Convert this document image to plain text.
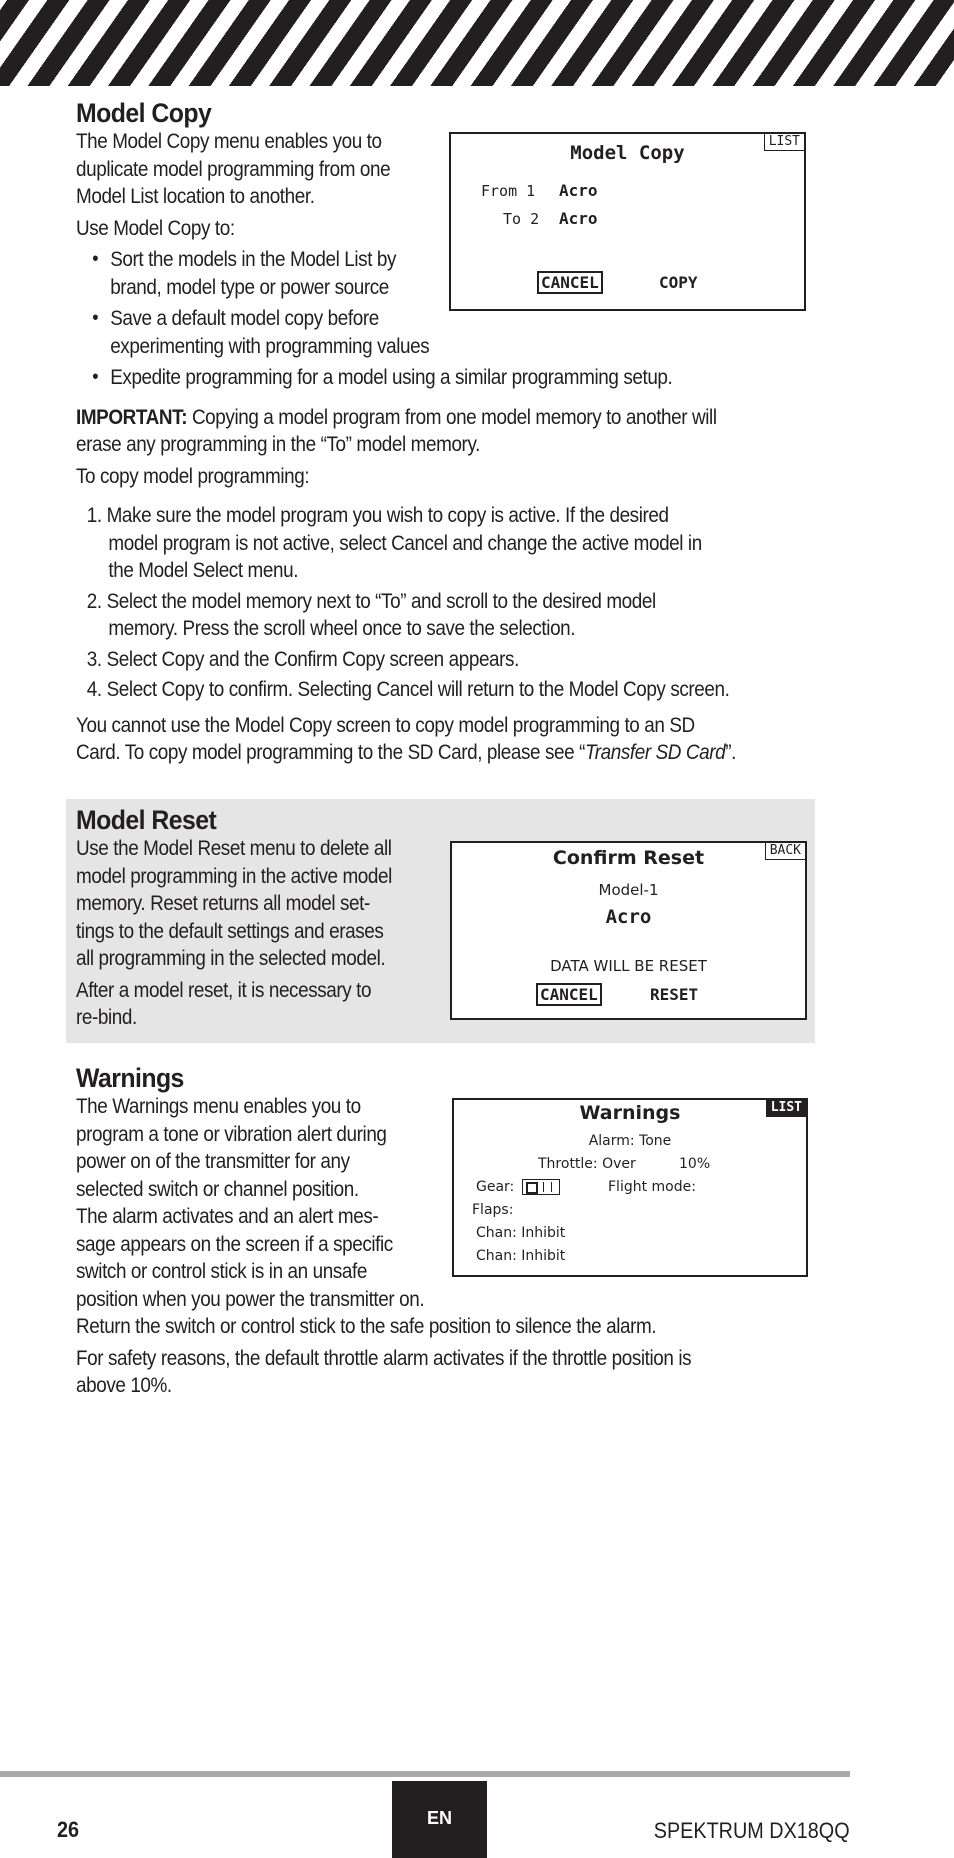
Model Copy
The Model Copy menu enables you to
duplicate model programming from one
Model List location to another.
Use Model Copy to:
• Sort the models in the Model List by
brand, model type or power source
• Save a default model copy before
experimenting with programming values
• Expedite programming for a model using a similar programming setup.
IMPORTANT: Copying a model program from one model memory to another will
erase any programming in the “To” model memory.
To copy model programming:
1. Make sure the model program you wish to copy is active. If the desired
model program is not active, select Cancel and change the active model in
the Model Select menu.
2. Select the model memory next to “To” and scroll to the desired model
memory. Press the scroll wheel once to save the selection.
3. Select Copy and the Confirm Copy screen appears.
4. Select Copy to confirm. Selecting Cancel will return to the Model Copy screen.
You cannot use the Model Copy screen to copy model programming to an SD
Card. To copy model programming to the SD Card, please see “Transfer SD Card”.
LIST
Model Copy
From 1 Acro
To 2 Acro
CANCEL	COPY
Model Reset
Use the Model Reset menu to delete all
model programming in the active model
memory. Reset returns all model set-
tings to the default settings and erases
all programming in the selected model.
After a model reset, it is necessary to
re-bind.
BACK
Confirm Reset
Model-1
Acro
DATA WILL BE RESET
CANCEL	RESET
Warnings
The Warnings menu enables you to
program a tone or vibration alert during
power on of the transmitter for any
selected switch or channel position.
The alarm activates and an alert mes-
sage appears on the screen if a specific
switch or control stick is in an unsafe
position when you power the transmitter on.
Return the switch or control stick to the safe position to silence the alarm.
For safety reasons, the default throttle alarm activates if the throttle position is
above 10%.
LIST
Warnings
Alarm: Tone
Throttle: Over	10%
Gear:	Flight mode:
Flaps:
Chan: Inhibit
Chan: Inhibit
26	EN	SPEKTRUM DX18QQ
